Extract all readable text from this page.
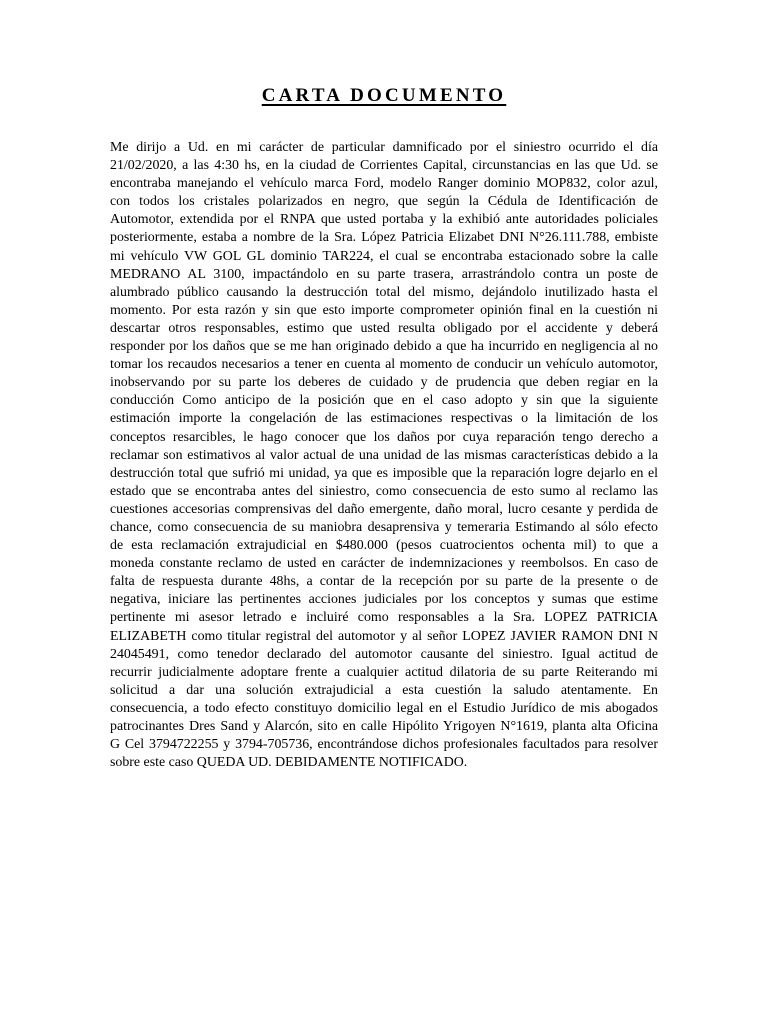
CARTA DOCUMENTO
Me dirijo a Ud. en mi carácter de particular damnificado por el siniestro ocurrido el día
21/02/2020, a las 4:30 hs, en la ciudad de Corrientes Capital, circunstancias en las que Ud. se
encontraba manejando el vehículo marca Ford, modelo Ranger dominio MOP832, color azul,
con todos los cristales polarizados en negro, que según la Cédula de Identificación de
Automotor, extendida por el RNPA que usted portaba y la exhibió ante autoridades policiales
posteriormente, estaba a nombre de la Sra. López Patricia Elizabet DNI N°26.111.788, embiste
mi vehículo VW GOL GL dominio TAR224, el cual se encontraba estacionado sobre la calle
MEDRANO AL 3100, impactándolo en su parte trasera, arrastrándolo contra un poste de
alumbrado público causando la destrucción total del mismo, dejándolo inutilizado hasta el
momento. Por esta razón y sin que esto importe comprometer opinión final en la cuestión ni
descartar otros responsables, estimo que usted resulta obligado por el accidente y deberá
responder por los daños que se me han originado debido a que ha incurrido en negligencia al no
tomar los recaudos necesarios a tener en cuenta al momento de conducir un vehículo automotor,
inobservando por su parte los deberes de cuidado y de prudencia que deben regiar en la
conducción Como anticipo de la posición que en el caso adopto y sin que la siguiente
estimación importe la congelación de las estimaciones respectivas o la limitación de los
conceptos resarcibles, le hago conocer que los daños por cuya reparación tengo derecho a
reclamar son estimativos al valor actual de una unidad de las mismas características debido a la
destrucción total que sufrió mi unidad, ya que es imposible que la reparación logre dejarlo en el
estado que se encontraba antes del siniestro, como consecuencia de esto sumo al reclamo las
cuestiones accesorias comprensivas del daño emergente, daño moral, lucro cesante y perdida de
chance, como consecuencia de su maniobra desaprensiva y temeraria Estimando al sólo efecto
de esta reclamación extrajudicial en $480.000 (pesos cuatrocientos ochenta mil) to que a
moneda constante reclamo de usted en carácter de indemnizaciones y reembolsos. En caso de
falta de respuesta durante 48hs, a contar de la recepción por su parte de la presente o de
negativa, iniciare las pertinentes acciones judiciales por los conceptos y sumas que estime
pertinente mi asesor letrado e incluiré como responsables a la Sra. LOPEZ PATRICIA
ELIZABETH como titular registral del automotor y al señor LOPEZ JAVIER RAMON DNI N
24045491, como tenedor declarado del automotor causante del siniestro. Igual actitud de
recurrir judicialmente adoptare frente a cualquier actitud dilatoria de su parte Reiterando mi
solicitud a dar una solución extrajudicial a esta cuestión la saludo atentamente. En
consecuencia, a todo efecto constituyo domicilio legal en el Estudio Jurídico de mis abogados
patrocinantes Dres Sand y Alarcón, sito en calle Hipólito Yrigoyen N°1619, planta alta Oficina
G Cel 3794722255 y 3794-705736, encontrándose dichos profesionales facultados para resolver
sobre este caso QUEDA UD. DEBIDAMENTE NOTIFICADO.
